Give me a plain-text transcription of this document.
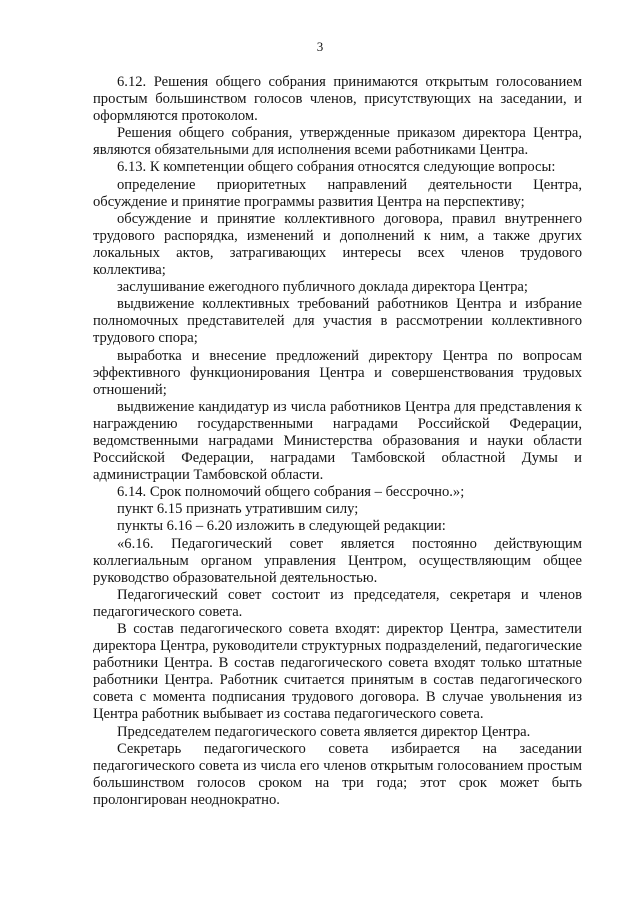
3

6.12. Решения общего собрания принимаются открытым голосованием простым большинством голосов членов, присутствующих на заседании, и оформляются протоколом.

Решения общего собрания, утвержденные приказом директора Центра, являются обязательными для исполнения всеми работниками Центра.

6.13. К компетенции общего собрания относятся следующие вопросы:

определение приоритетных направлений деятельности Центра, обсуждение и принятие программы развития Центра на перспективу;

обсуждение и принятие коллективного договора, правил внутреннего трудового распорядка, изменений и дополнений к ним, а также других локальных актов, затрагивающих интересы всех членов трудового коллектива;

заслушивание ежегодного публичного доклада директора Центра;

выдвижение коллективных требований работников Центра и избрание полномочных представителей для участия в рассмотрении коллективного трудового спора;

выработка и внесение предложений директору Центра по вопросам эффективного функционирования Центра и совершенствования трудовых отношений;

выдвижение кандидатур из числа работников Центра для представления к награждению государственными наградами Российской Федерации, ведомственными наградами Министерства образования и науки области Российской Федерации, наградами Тамбовской областной Думы и администрации Тамбовской области.

6.14. Срок полномочий общего собрания – бессрочно.»;

пункт 6.15 признать утратившим силу;

пункты 6.16 – 6.20 изложить в следующей редакции:

«6.16. Педагогический совет является постоянно действующим коллегиальным органом управления Центром, осуществляющим общее руководство образовательной деятельностью.

Педагогический совет состоит из председателя, секретаря и членов педагогического совета.

В состав педагогического совета входят: директор Центра, заместители директора Центра, руководители структурных подразделений, педагогические работники Центра. В состав педагогического совета входят только штатные работники Центра. Работник считается принятым в состав педагогического совета с момента подписания трудового договора. В случае увольнения из Центра работник выбывает из состава педагогического совета.

Председателем педагогического совета является директор Центра.

Секретарь педагогического совета избирается на заседании педагогического совета из числа его членов открытым голосованием простым большинством голосов сроком на три года; этот срок может быть пролонгирован неоднократно.
